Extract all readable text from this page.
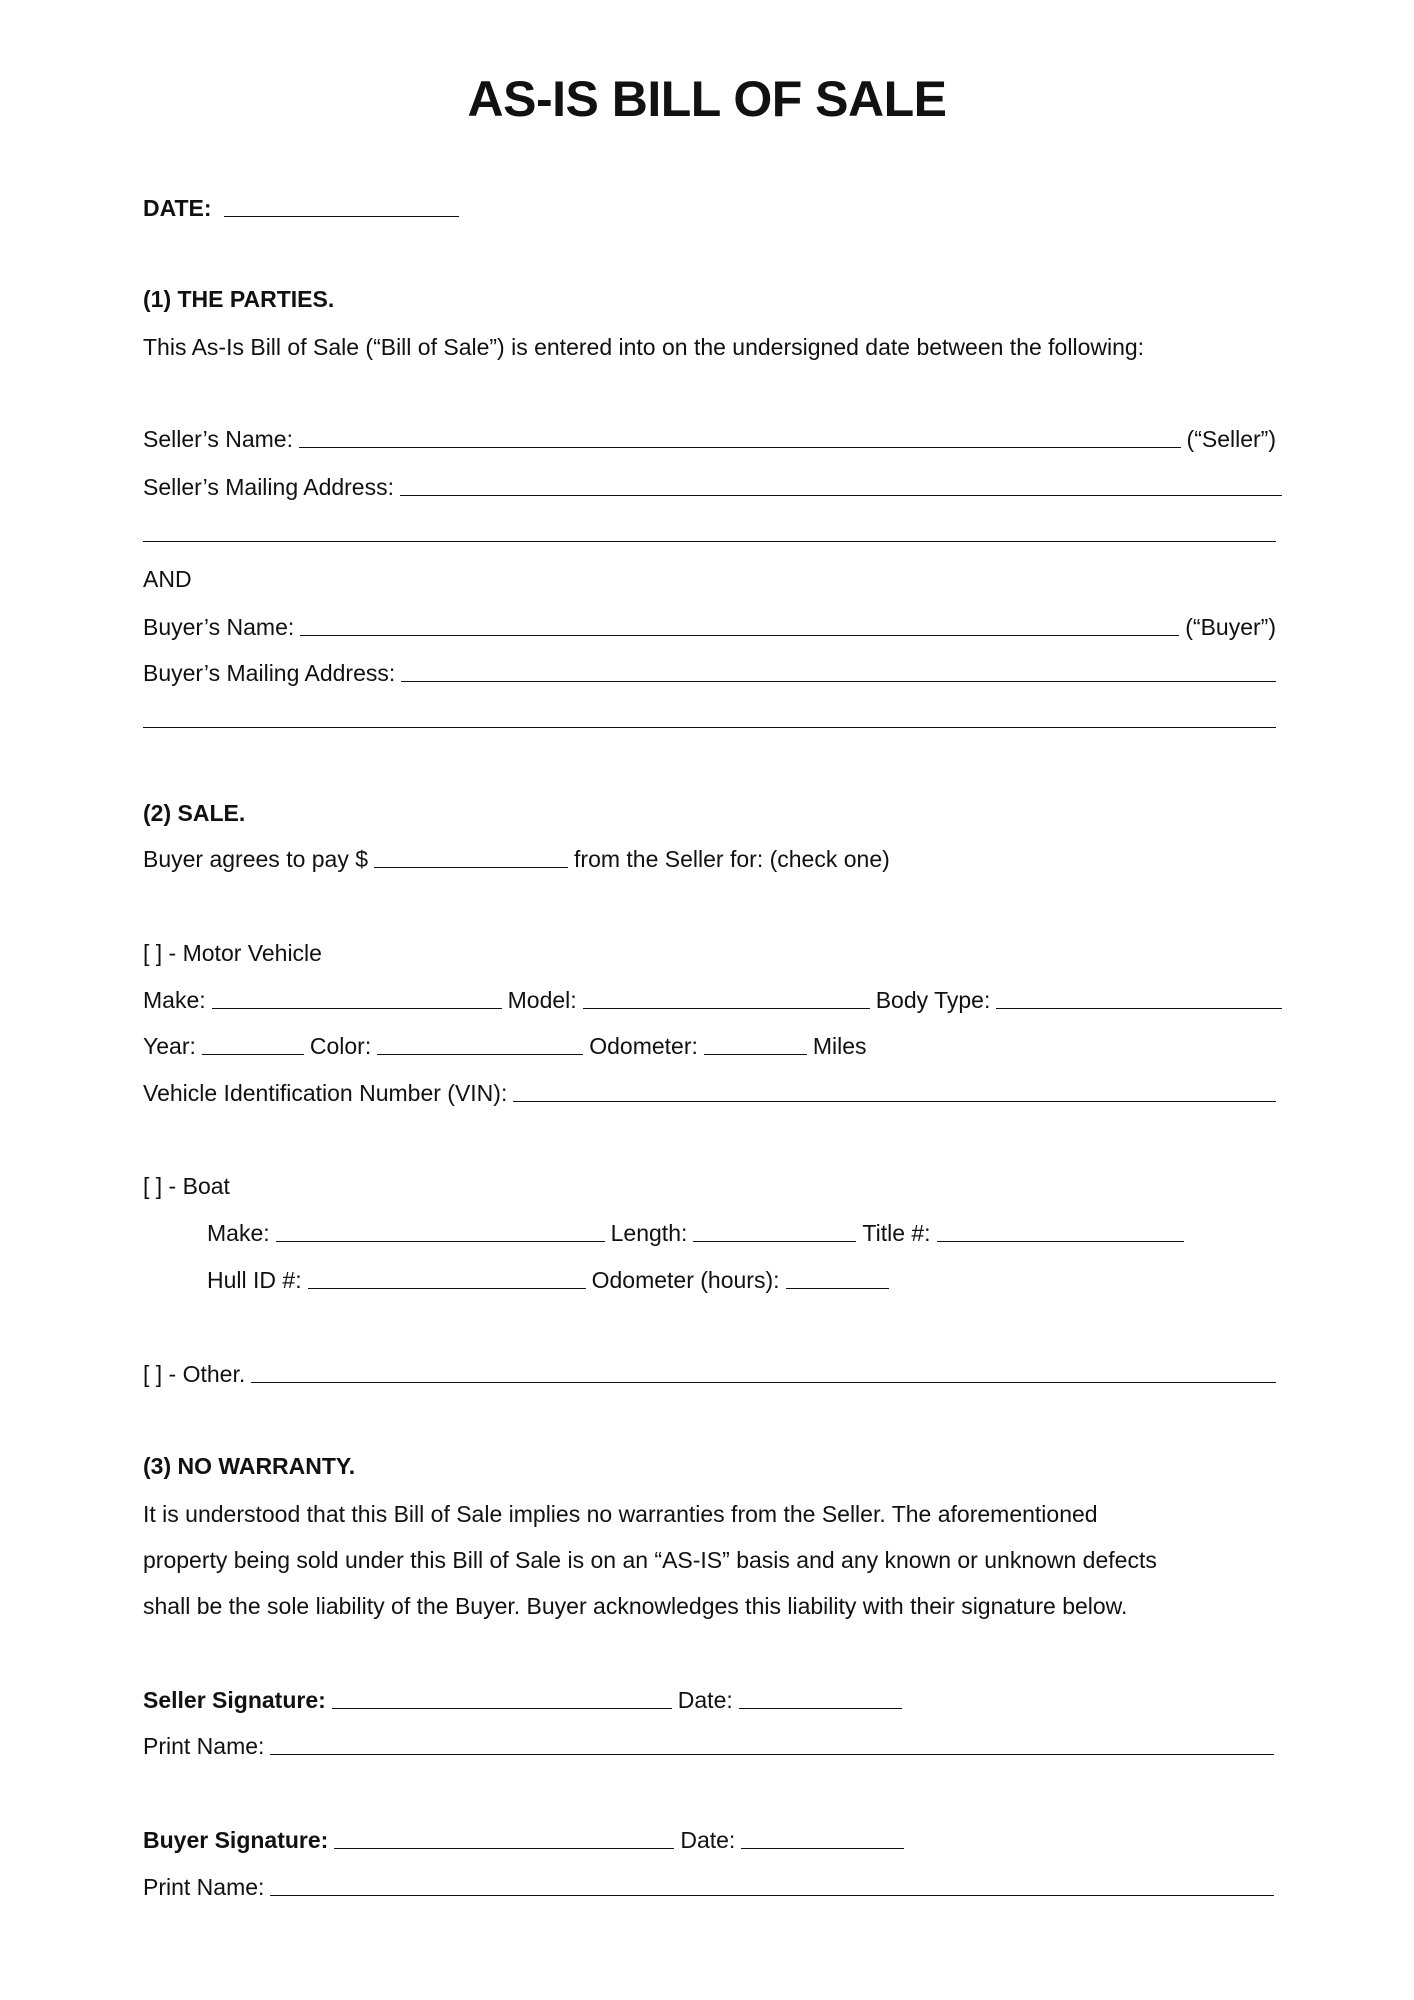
AS-IS BILL OF SALE
DATE:
(1) THE PARTIES.
This As-Is Bill of Sale (“Bill of Sale”) is entered into on the undersigned date between the following:
Seller’s Name:	(“Seller”)
Seller’s Mailing Address:
AND
Buyer’s Name:	(“Buyer”)
Buyer’s Mailing Address:
(2) SALE.
Buyer agrees to pay $	from the Seller for: (check one)
[ ] - Motor Vehicle
Make:	Model:	Body Type:
Year:	Color:	Odometer:	Miles
Vehicle Identification Number (VIN):
[ ] - Boat
Make:	Length:	Title #:
Hull ID #:	Odometer (hours):
[ ] - Other.
(3) NO WARRANTY.
It is understood that this Bill of Sale implies no warranties from the Seller. The aforementioned
property being sold under this Bill of Sale is on an “AS-IS” basis and any known or unknown defects
shall be the sole liability of the Buyer. Buyer acknowledges this liability with their signature below.
Seller Signature:	Date:
Print Name:
Buyer Signature:	Date:
Print Name:
